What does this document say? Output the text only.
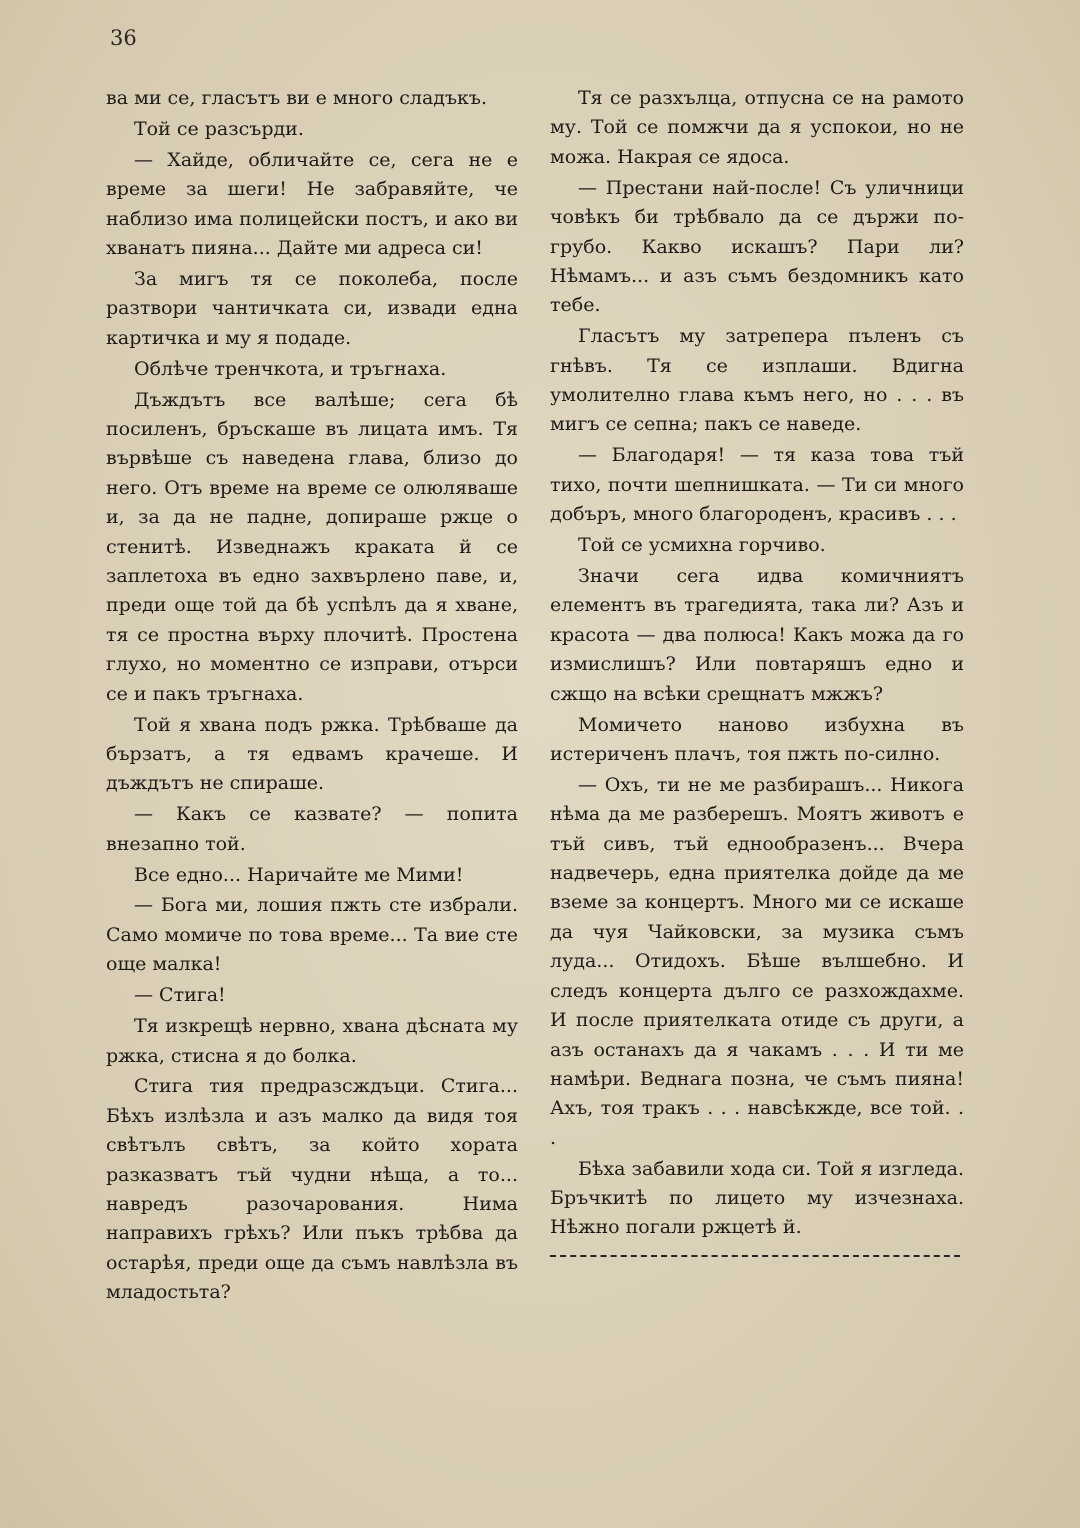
36

ва ми се, гласътъ ви е много сладъкъ.

Той се разсърди.

— Хайде, обличайте се, сега не е време за шеги! Не забравяйте, че наблизо има полицейски постъ, и ако ви хванатъ пияна... Дайте ми адреса си!

За мигъ тя се поколеба, после разтвори чантичката си, извади една картичка и му я подаде.

Облѣче тренчкота, и тръгнаха.

Дъждътъ все валѣше; сега бѣ посиленъ, бръскаше въ лицата имъ. Тя вървѣше съ наведена глава, близо до него. Отъ време на време се олюляваше и, за да не падне, допираше ржце о стенитѣ. Изведнажъ краката й се заплетоха въ едно захвърлено паве, и, преди още той да бѣ успѣлъ да я хване, тя се простна върху плочитѣ. Простена глухо, но моментно се изправи, отърси се и пакъ тръгнаха.

Той я хвана подъ ржка. Трѣбваше да бързатъ, а тя едвамъ крачеше. И дъждътъ не спираше.

— Какъ се казвате? — попита внезапно той.

Все едно... Наричайте ме Мими!

— Бога ми, лошия пжть сте избрали. Само момиче по това време... Та вие сте още малка!

— Стига!

Тя изкрещѣ нервно, хвана дѣсната му ржка, стисна я до болка.

Стига тия предразсждъци. Стига... Бѣхъ излѣзла и азъ малко да видя тоя свѣтълъ свѣтъ, за който хората разказватъ тъй чудни нѣща, а то... навредъ разочарования. Нима направихъ грѣхъ? Или пъкъ трѣбва да остарѣя, преди още да съмъ навлѣзла въ младостьта?

Тя се разхълца, отпусна се на рамото му. Той се помжчи да я успокои, но не можа. Накрая се ядоса.

— Престани най-после! Съ уличници човѣкъ би трѣбвало да се държи по-грубо. Какво искашъ? Пари ли? Нѣмамъ... и азъ съмъ бездомникъ като тебе.

Гласътъ му затрепера пъленъ съ гнѣвъ. Тя се изплаши. Вдигна умолително глава къмъ него, но . . . въ мигъ се сепна; пакъ се наведе.

— Благодаря! — тя каза това тъй тихо, почти шепнишката. — Ти си много добъръ, много благороденъ, красивъ . . .

Той се усмихна горчиво.

Значи сега идва комичниятъ елементъ въ трагедията, така ли? Азъ и красота — два полюса! Какъ можа да го измислишъ? Или повтаряшъ едно и сжщо на всѣки срещнатъ мжжъ?

Момичето наново избухна въ истериченъ плачъ, тоя пжть по-силно.

— Охъ, ти не ме разбирашъ... Никога нѣма да ме разберешъ. Моятъ животъ е тъй сивъ, тъй еднообразенъ... Вчера надвечерь, една приятелка дойде да ме вземе за концертъ. Много ми се искаше да чуя Чайковски, за музика съмъ луда... Отидохъ. Бѣше вълшебно. И следъ концерта дълго се разхождахме. И после приятелката отиде съ други, а азъ останахъ да я чакамъ . . . И ти ме намѣри. Веднага позна, че съмъ пияна! Ахъ, тоя тракъ . . . навсѣкжде, все той. . .

Бѣха забавили хода си. Той я изгледа. Бръчкитѣ по лицето му изчезнаха. Нѣжно погали ржцетѣ й.
